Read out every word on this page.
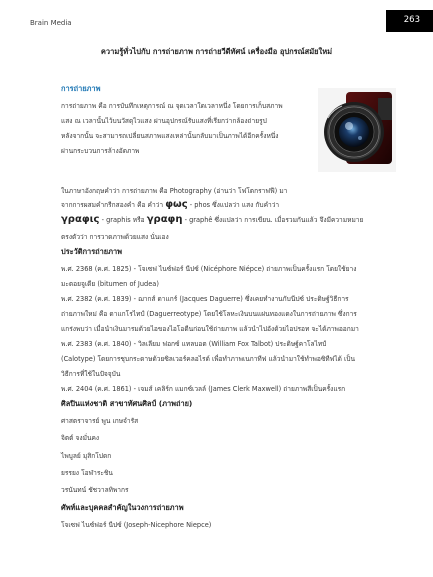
Brain Media	263
ความรู้ทั่วไปกับ การถ่ายภาพ การถ่ายวีดีทัศน์ เครื่องมือ อุปกรณ์สมัยใหม่
การถ่ายภาพ
การถ่ายภาพ คือ การบันทึกเหตุการณ์ ณ จุดเวลาใดเวลาหนึ่ง โดยการเก็บสภาพ
แสง ณ เวลานั้นไว้บนวัสดุไวแสง ผ่านอุปกรณ์รับแสงที่เรียกว่ากล้องถ่ายรูป
หลังจากนั้น จะสามารถเปลี่ยนสภาพแสงเหล่านั้นกลับมาเป็นภาพได้อีกครั้งหนึ่ง
ผ่านกระบวนการล้างอัดภาพ
ในภาษาอังกฤษคำว่า การถ่ายภาพ คือ Photography (อ่านว่า โฟโตกราฟฟี) มา
จากการผสมคำกรีกสองคำ คือ คำว่า φως - phos ซึ่งแปลว่า แสง กับคำว่า
γραφις - graphis หรือ γραφη - graphê ซึ่งแปลว่า การเขียน. เมื่อรวมกันแล้ว จึงมีความหมาย
ตรงตัวว่า การวาดภาพด้วยแสง นั่นเอง
ประวัติการถ่ายภาพ
พ.ศ. 2368 (ค.ศ. 1825) - โจเซฟ ไนซ์ฟอร์ นีปซ์ (Nicéphore Niépce) ถ่ายภาพเป็นครั้งแรก โดยใช้ยาง
มะตอยจูเดีย (bitumen of Judea)
พ.ศ. 2382 (ค.ศ. 1839) - ฌากส์ ดาแกร์ (Jacques Daguerre) ซึ่งเคยทำงานกับนีปซ์ ประดิษฐ์วิธีการ
ถ่ายภาพใหม่ คือ ดาแกโรไทป์ (Daguerreotype) โดยใช้โลหะเงินบนแผ่นทองแดงในการถ่ายภาพ ซึ่งการ
แกร่งพบว่า เมื่อนำเงินมารมด้วยไอของไอโอดีนก่อนใช้ถ่ายภาพ แล้วนำไปอังด้วยไอปรอท จะได้ภาพออกมา
พ.ศ. 2383 (ค.ศ. 1840) - วิลเลียม ฟอกซ์ แทลบอต (William Fox Talbot) ประดิษฐ์คาโลไทป์
(Calotype) โดยการชุบกระดาษด้วยซิลเวอร์คลอไรด์ เพื่อทำภาพเนกาทีฟ แล้วนำมาใช้ทำพอซิทีฟได้ เป็น
วิธีการที่ใช้ในปัจจุบัน
พ.ศ. 2404 (ค.ศ. 1861) - เจมส์ เคลิร์ก แมกซ์เวลล์ (James Clerk Maxwell) ถ่ายภาพสีเป็นครั้งแรก
ศิลปินแห่งชาติ สาขาทัศนศิลป์ (ภาพถ่าย)
ศาสตราจารย์ พูน เกษจำรัส
จิตต์ จงมั่นคง
ไพบูลย์ มุสิกโปดก
ยรรยง โอฬาระชิน
วรนันทน์ ชัชวาลทิพากร
ศัพท์และบุคคลสำคัญในวงการถ่ายภาพ
โจเซฟ ไนซ์ฟอร์ นีปซ์ (Joseph-Nicephore Niepce)
